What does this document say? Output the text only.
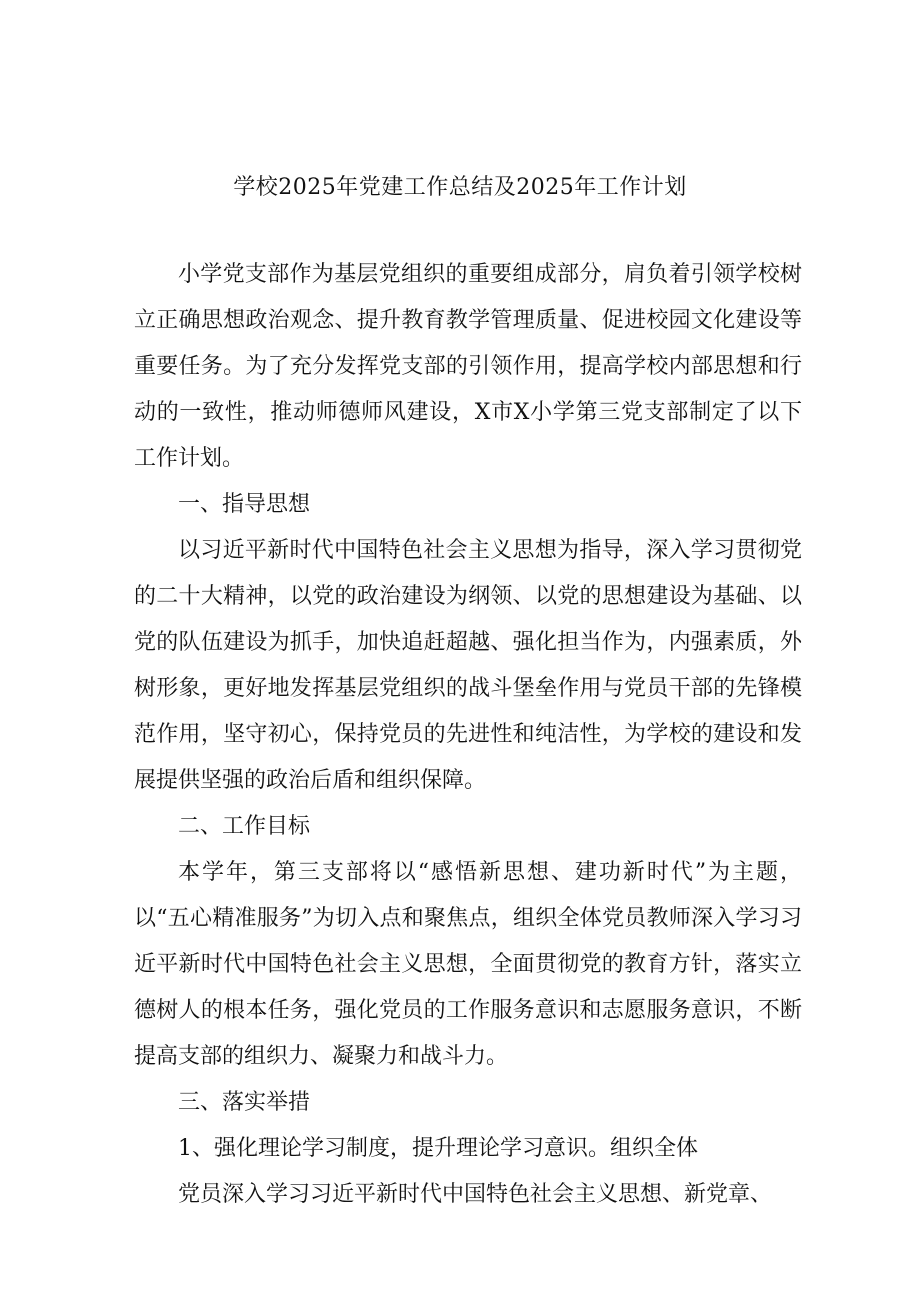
学校2025年党建工作总结及2025年工作计划

小学党支部作为基层党组织的重要组成部分，肩负着引领学校树立正确思想政治观念、提升教育教学管理质量、促进校园文化建设等重要任务。为了充分发挥党支部的引领作用，提高学校内部思想和行动的一致性，推动师德师风建设，X市X小学第三党支部制定了以下工作计划。

一、指导思想

以习近平新时代中国特色社会主义思想为指导，深入学习贯彻党的二十大精神，以党的政治建设为纲领、以党的思想建设为基础、以党的队伍建设为抓手，加快追赶超越、强化担当作为，内强素质，外树形象，更好地发挥基层党组织的战斗堡垒作用与党员干部的先锋模范作用，坚守初心，保持党员的先进性和纯洁性，为学校的建设和发展提供坚强的政治后盾和组织保障。

二、工作目标

本学年，第三支部将以“感悟新思想、建功新时代”为主题，以“五心精准服务”为切入点和聚焦点，组织全体党员教师深入学习习近平新时代中国特色社会主义思想，全面贯彻党的教育方针，落实立德树人的根本任务，强化党员的工作服务意识和志愿服务意识，不断提高支部的组织力、凝聚力和战斗力。

三、落实举措

1、强化理论学习制度，提升理论学习意识。组织全体

党员深入学习习近平新时代中国特色社会主义思想、新党章、
